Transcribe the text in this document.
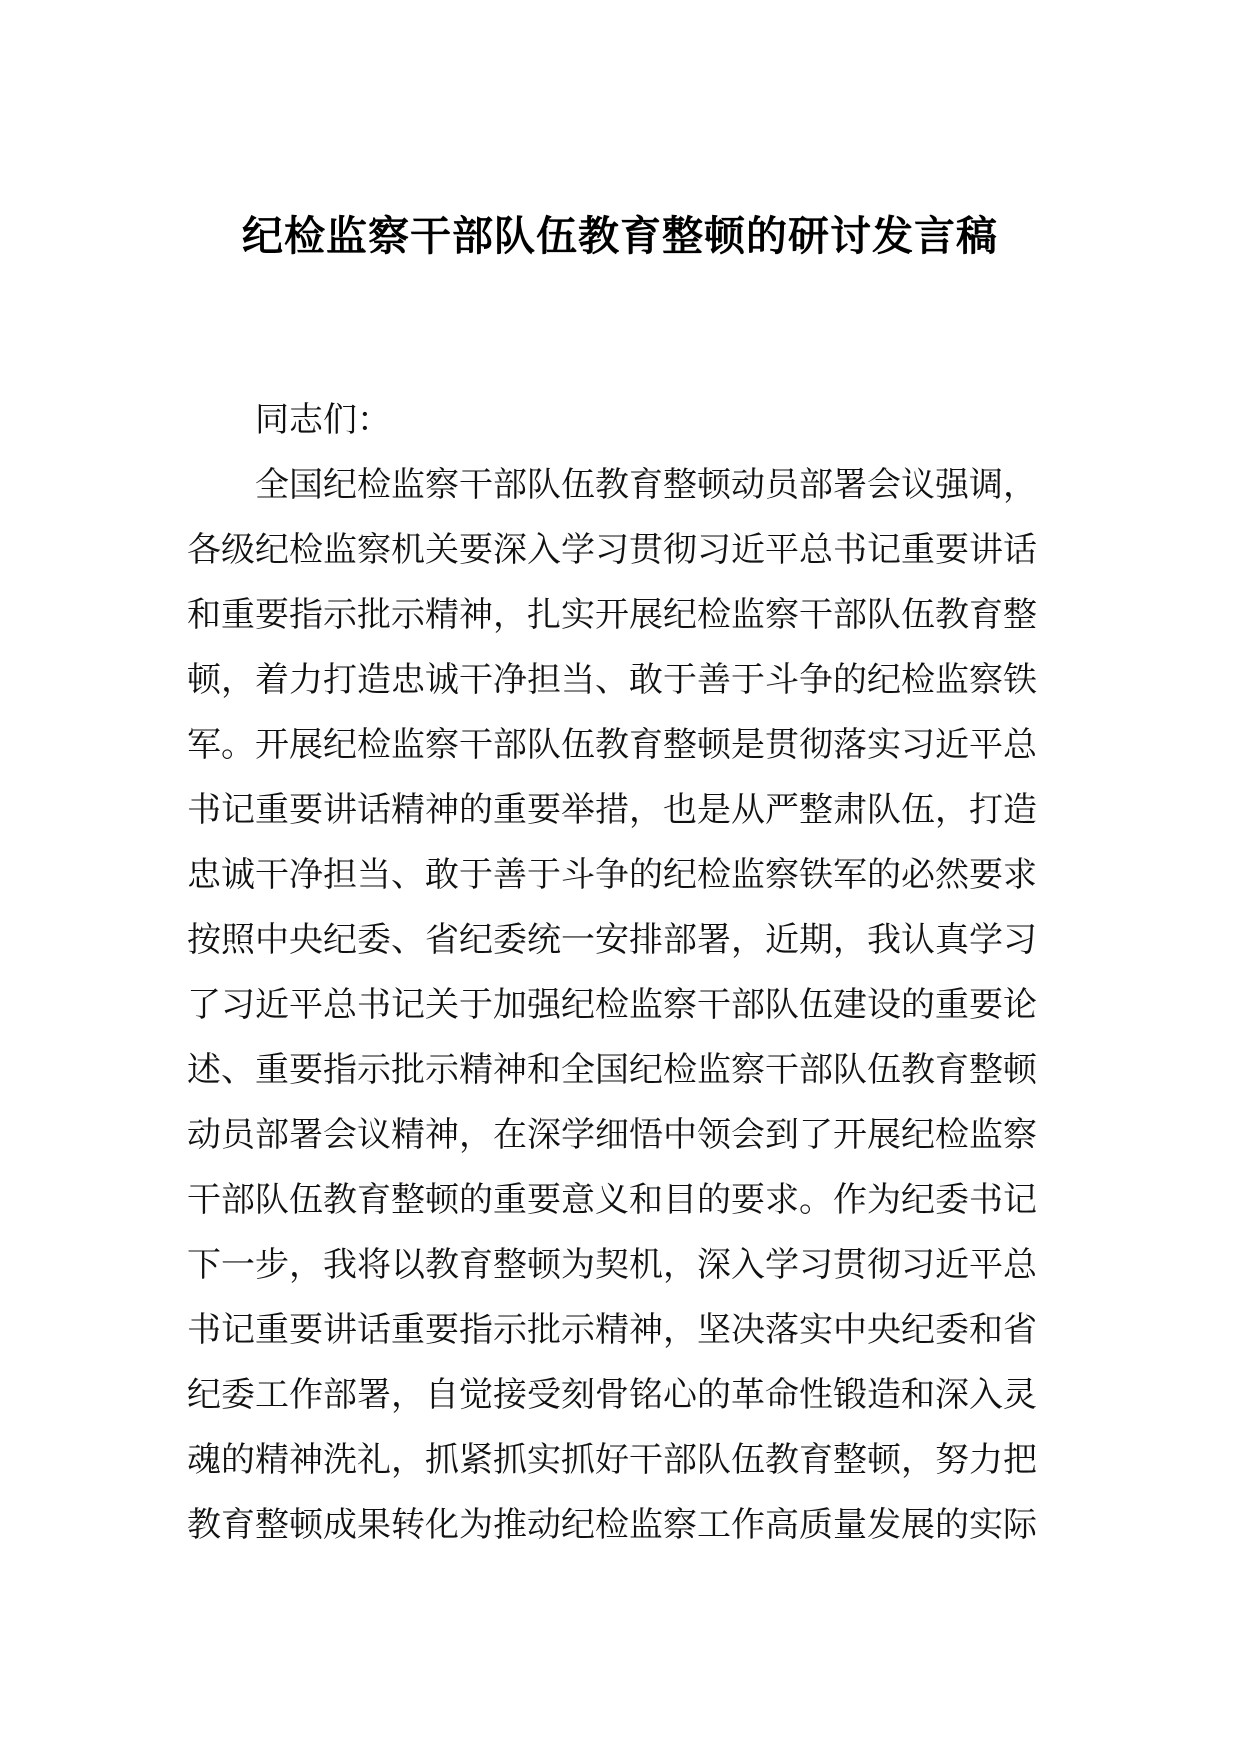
纪检监察干部队伍教育整顿的研讨发言稿
同志们：
全国纪检监察干部队伍教育整顿动员部署会议强调，
各级纪检监察机关要深入学习贯彻习近平总书记重要讲话
和重要指示批示精神，扎实开展纪检监察干部队伍教育整
顿，着力打造忠诚干净担当、敢于善于斗争的纪检监察铁
军。开展纪检监察干部队伍教育整顿是贯彻落实习近平总
书记重要讲话精神的重要举措，也是从严整肃队伍，打造
忠诚干净担当、敢于善于斗争的纪检监察铁军的必然要求
按照中央纪委、省纪委统一安排部署，近期，我认真学习
了习近平总书记关于加强纪检监察干部队伍建设的重要论
述、重要指示批示精神和全国纪检监察干部队伍教育整顿
动员部署会议精神，在深学细悟中领会到了开展纪检监察
干部队伍教育整顿的重要意义和目的要求。作为纪委书记
下一步，我将以教育整顿为契机，深入学习贯彻习近平总
书记重要讲话重要指示批示精神，坚决落实中央纪委和省
纪委工作部署，自觉接受刻骨铭心的革命性锻造和深入灵
魂的精神洗礼，抓紧抓实抓好干部队伍教育整顿，努力把
教育整顿成果转化为推动纪检监察工作高质量发展的实际
